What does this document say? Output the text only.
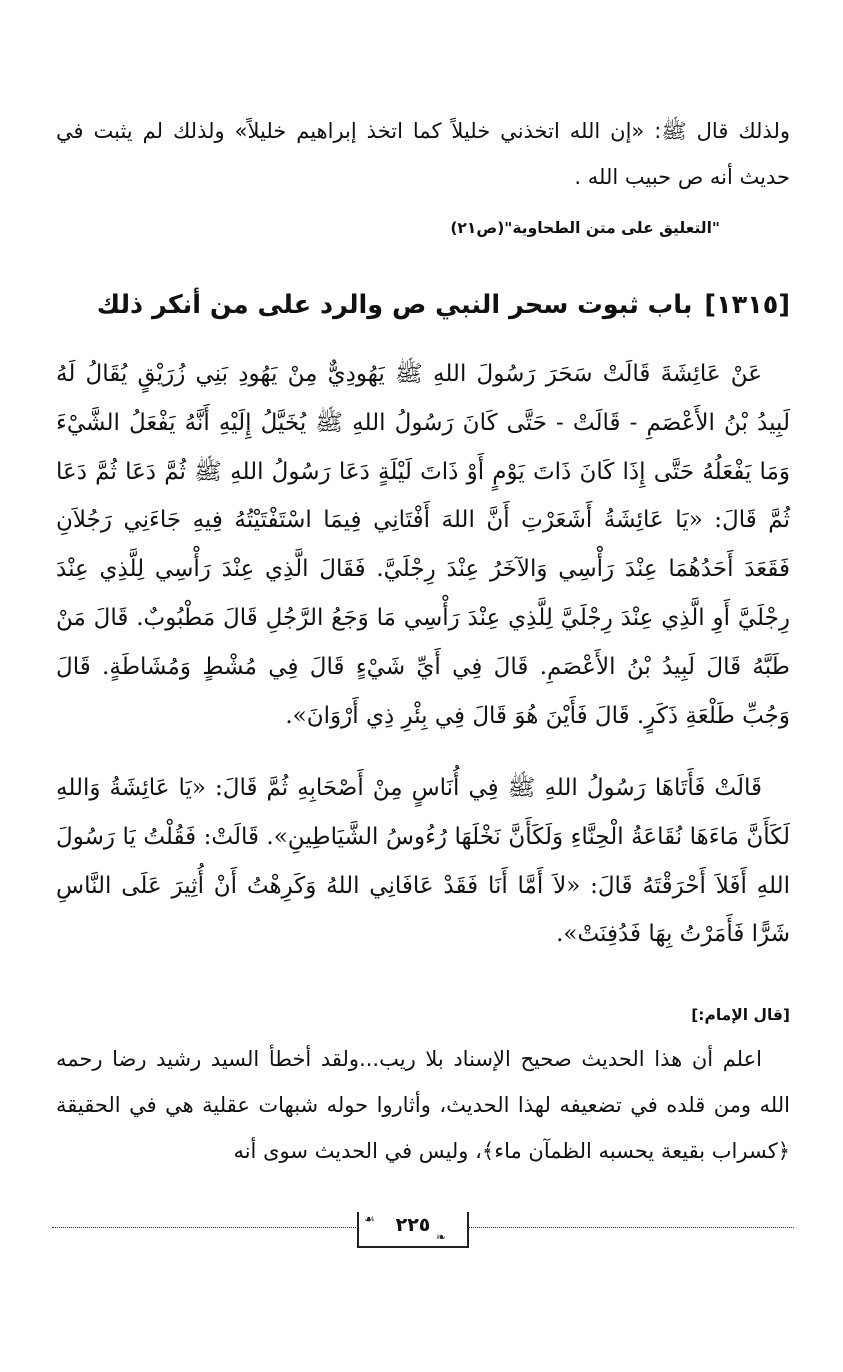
ولذلك قال ﷺ: «إن الله اتخذني خليلاً كما اتخذ إبراهيم خليلاً» ولذلك لم يثبت في حديث أنه ص حبيب الله .

"التعليق على متن الطحاوية"(ص٢١)

[١٣١٥]باب ثبوت سحر النبي ص والرد على من أنكر ذلك

عَنْ عَائِشَةَ قَالَتْ سَحَرَ رَسُولَ اللهِ ﷺ يَهُودِيٌّ مِنْ يَهُودِ بَنِي زُرَيْقٍ يُقَالُ لَهُ لَبِيدُ بْنُ الأَعْصَمِ - قَالَتْ - حَتَّى كَانَ رَسُولُ اللهِ ﷺ يُخَيَّلُ إِلَيْهِ أَنَّهُ يَفْعَلُ الشَّيْءَ وَمَا يَفْعَلُهُ حَتَّى إِذَا كَانَ ذَاتَ يَوْمٍ أَوْ ذَاتَ لَيْلَةٍ دَعَا رَسُولُ اللهِ ﷺ ثُمَّ دَعَا ثُمَّ دَعَا ثُمَّ قَالَ: «يَا عَائِشَةُ أَشَعَرْتِ أَنَّ اللهَ أَفْتَانِي فِيمَا اسْتَفْتَيْتُهُ فِيهِ جَاءَنِي رَجُلاَنِ فَقَعَدَ أَحَدُهُمَا عِنْدَ رَأْسِي وَالآخَرُ عِنْدَ رِجْلَيَّ. فَقَالَ الَّذِي عِنْدَ رَأْسِي لِلَّذِي عِنْدَ رِجْلَيَّ أَوِ الَّذِي عِنْدَ رِجْلَيَّ لِلَّذِي عِنْدَ رَأْسِي مَا وَجَعُ الرَّجُلِ قَالَ مَطْبُوبٌ. قَالَ مَنْ طَبَّهُ قَالَ لَبِيدُ بْنُ الأَعْصَمِ. قَالَ فِي أَيِّ شَيْءٍ قَالَ فِي مُشْطٍ وَمُشَاطَةٍ. قَالَ وَجُبِّ طَلْعَةِ ذَكَرٍ. قَالَ فَأَيْنَ هُوَ قَالَ فِي بِئْرِ ذِي أَرْوَانَ».

قَالَتْ فَأَتَاهَا رَسُولُ اللهِ ﷺ فِي أُنَاسٍ مِنْ أَصْحَابِهِ ثُمَّ قَالَ: «يَا عَائِشَةُ وَاللهِ لَكَأَنَّ مَاءَهَا نُقَاعَةُ الْحِنَّاءِ وَلَكَأَنَّ نَخْلَهَا رُءُوسُ الشَّيَاطِينِ». قَالَتْ: فَقُلْتُ يَا رَسُولَ اللهِ أَفَلاَ أَحْرَقْتَهُ قَالَ: «لاَ أَمَّا أَنَا فَقَدْ عَافَانِي اللهُ وَكَرِهْتُ أَنْ أُثِيرَ عَلَى النَّاسِ شَرًّا فَأَمَرْتُ بِهَا فَدُفِنَتْ».

[قال الإمام:]

اعلم أن هذا الحديث صحيح الإسناد بلا ريب...ولقد أخطأ السيد رشيد رضا رحمه الله ومن قلده في تضعيفه لهذا الحديث، وأثاروا حوله شبهات عقلية هي في الحقيقة ﴿كسراب بقيعة يحسبه الظمآن ماء﴾، وليس في الحديث سوى أنه

٢٢٥
☙
❧
